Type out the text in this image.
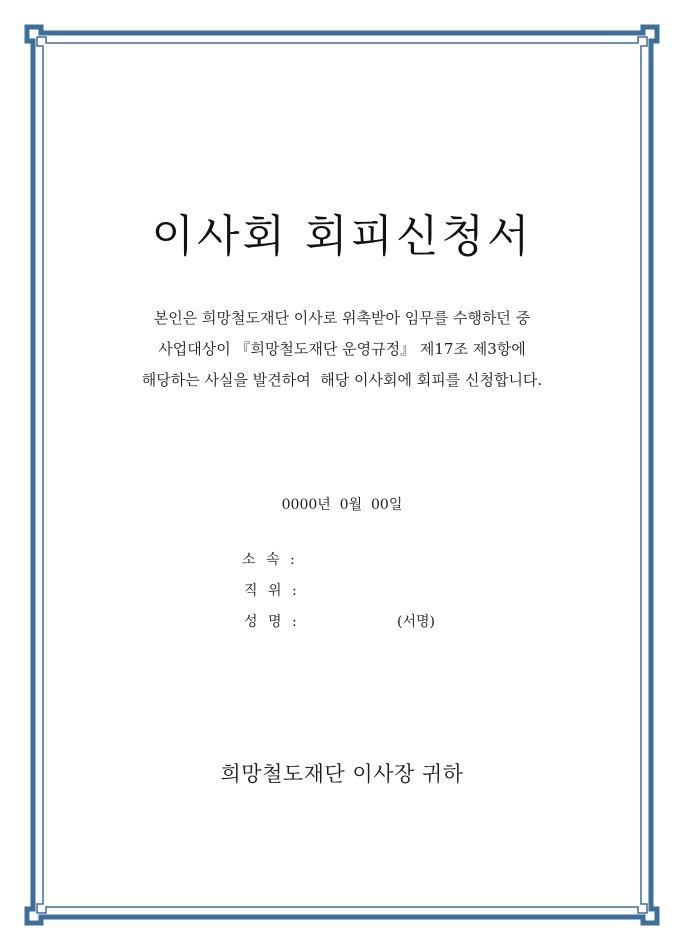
이사회 회피신청서
본인은 희망철도재단 이사로 위촉받아 임무를 수행하던 중
사업대상이 『희망철도재단 운영규정』 제17조 제3항에
해당하는 사실을 발견하여  해당 이사회에 회피를 신청합니다.
0000년  0월  00일
소 속 :
직 위 :
성 명 :	(서명)
희망철도재단 이사장 귀하
